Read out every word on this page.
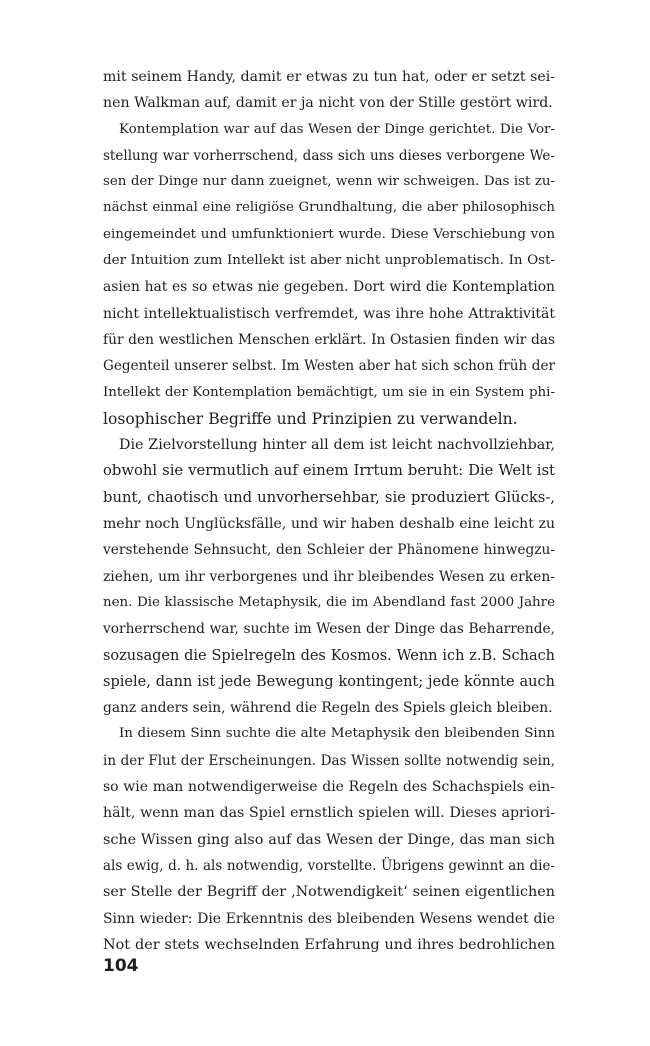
mit seinem Handy, damit er etwas zu tun hat, oder er setzt sei-
nen Walkman auf, damit er ja nicht von der Stille gestört wird.
Kontemplation war auf das Wesen der Dinge gerichtet. Die Vor-
stellung war vorherrschend, dass sich uns dieses verborgene We-
sen der Dinge nur dann zueignet, wenn wir schweigen. Das ist zu-
nächst einmal eine religiöse Grundhaltung, die aber philosophisch
eingemeindet und umfunktioniert wurde. Diese Verschiebung von
der Intuition zum Intellekt ist aber nicht unproblematisch. In Ost-
asien hat es so etwas nie gegeben. Dort wird die Kontemplation
nicht intellektualistisch verfremdet, was ihre hohe Attraktivität
für den westlichen Menschen erklärt. In Ostasien finden wir das
Gegenteil unserer selbst. Im Westen aber hat sich schon früh der
Intellekt der Kontemplation bemächtigt, um sie in ein System phi-
losophischer Begriffe und Prinzipien zu verwandeln.
Die Zielvorstellung hinter all dem ist leicht nachvollziehbar,
obwohl sie vermutlich auf einem Irrtum beruht: Die Welt ist
bunt, chaotisch und unvorhersehbar, sie produziert Glücks-,
mehr noch Unglücksfälle, und wir haben deshalb eine leicht zu
verstehende Sehnsucht, den Schleier der Phänomene hinwegzu-
ziehen, um ihr verborgenes und ihr bleibendes Wesen zu erken-
nen. Die klassische Metaphysik, die im Abendland fast 2000 Jahre
vorherrschend war, suchte im Wesen der Dinge das Beharrende,
sozusagen die Spielregeln des Kosmos. Wenn ich z.B. Schach
spiele, dann ist jede Bewegung kontingent; jede könnte auch
ganz anders sein, während die Regeln des Spiels gleich bleiben.
In diesem Sinn suchte die alte Metaphysik den bleibenden Sinn
in der Flut der Erscheinungen. Das Wissen sollte notwendig sein,
so wie man notwendigerweise die Regeln des Schachspiels ein-
hält, wenn man das Spiel ernstlich spielen will. Dieses apriori-
sche Wissen ging also auf das Wesen der Dinge, das man sich
als ewig, d. h. als notwendig, vorstellte. Übrigens gewinnt an die-
ser Stelle der Begriff der ‚Notwendigkeit‘ seinen eigentlichen
Sinn wieder: Die Erkenntnis des bleibenden Wesens wendet die
Not der stets wechselnden Erfahrung und ihres bedrohlichen
104
